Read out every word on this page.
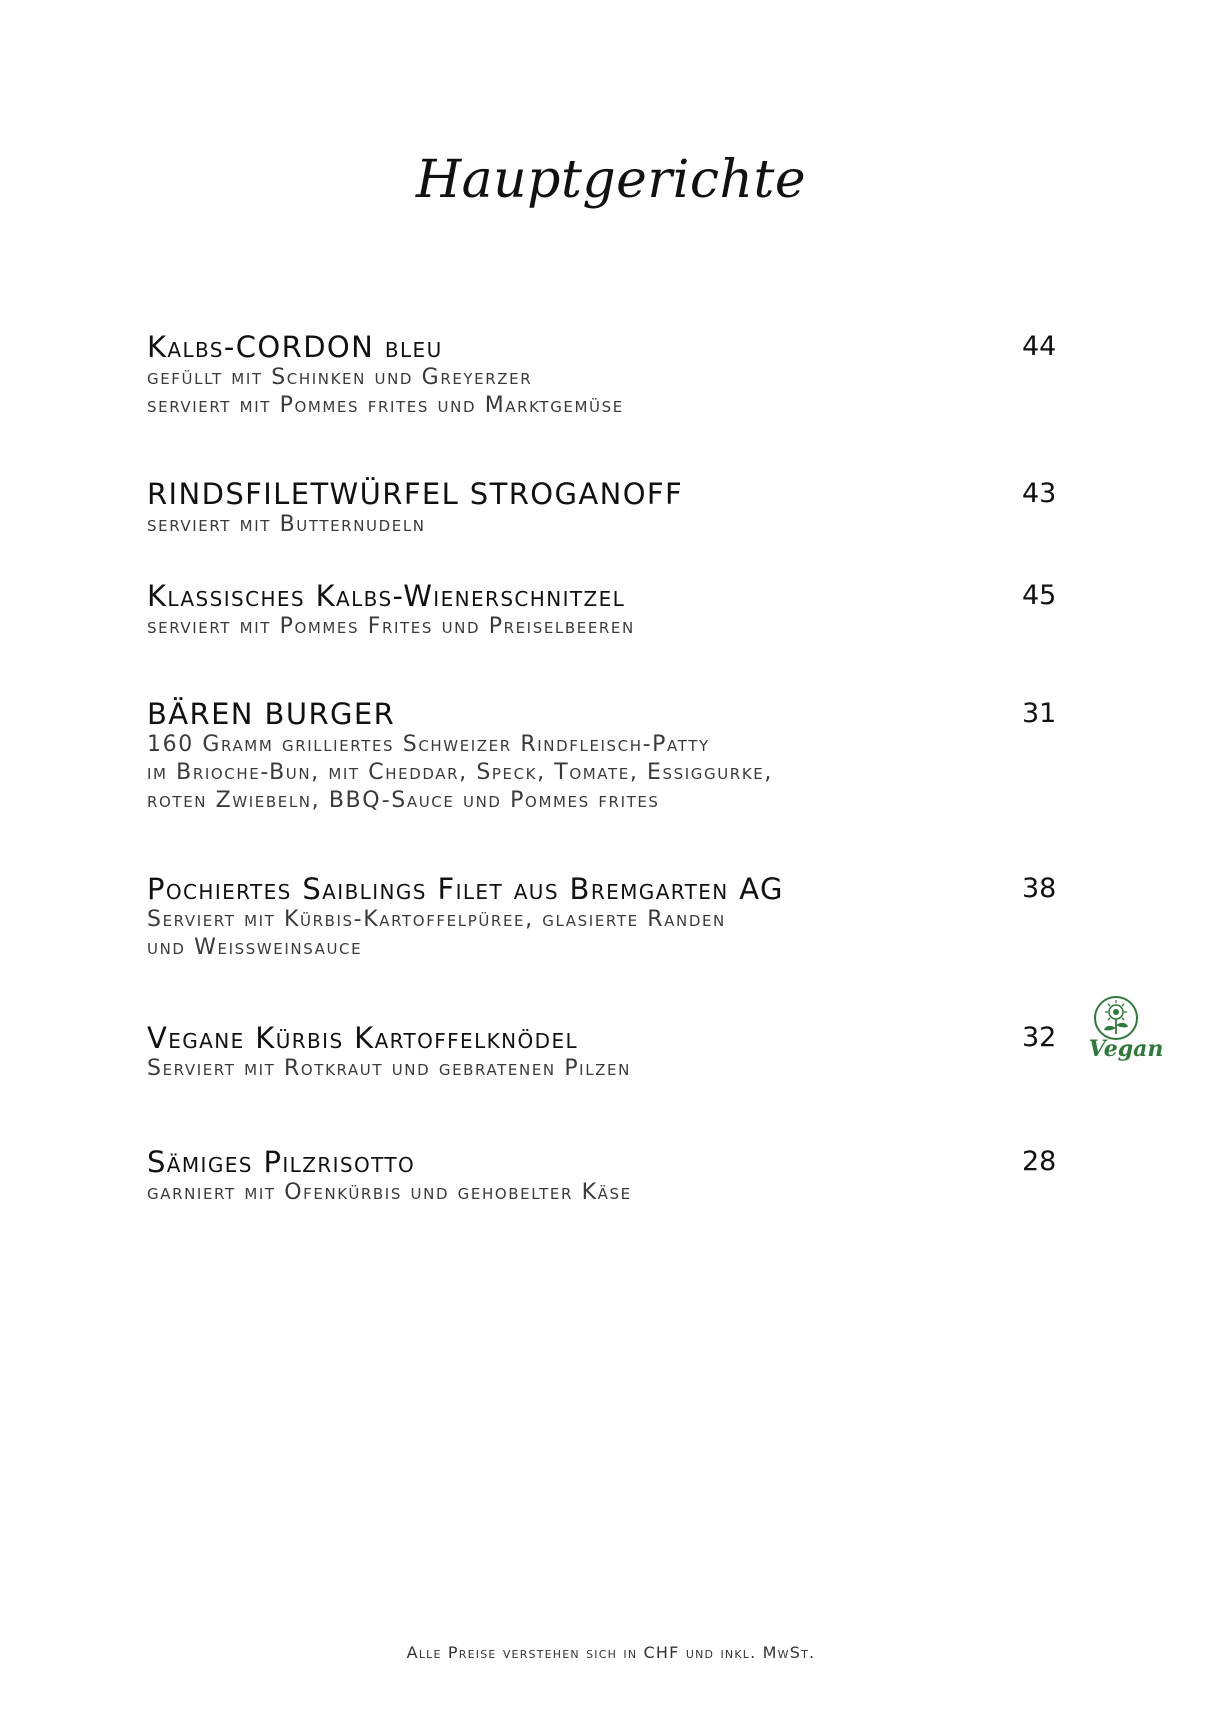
Hauptgerichte
Kalbs-CORDON bleu
gefüllt mit Schinken und Greyerzer
serviert mit Pommes frites und Marktgemüse
44
RINDSFILETWÜRFEL STROGANOFF
serviert mit Butternudeln
43
Klassisches Kalbs-Wienerschnitzel
serviert mit Pommes Frites und Preiselbeeren
45
BÄREN BURGER
160 Gramm grilliertes Schweizer Rindfleisch-Patty
im Brioche-Bun, mit Cheddar, Speck, Tomate, Essiggurke,
roten Zwiebeln, BBQ-Sauce und Pommes frites
31
Pochiertes Saiblings Filet aus Bremgarten AG
Serviert mit Kürbis-Kartoffelpüree, glasierte Randen
und Weissweinsauce
38
Vegane Kürbis Kartoffelknödel
Serviert mit Rotkraut und gebratenen Pilzen
32 Vegan
Sämiges Pilzrisotto
garniert mit Ofenkürbis und gehobelter Käse
28
Alle Preise verstehen sich in CHF und inkl. MwSt.
